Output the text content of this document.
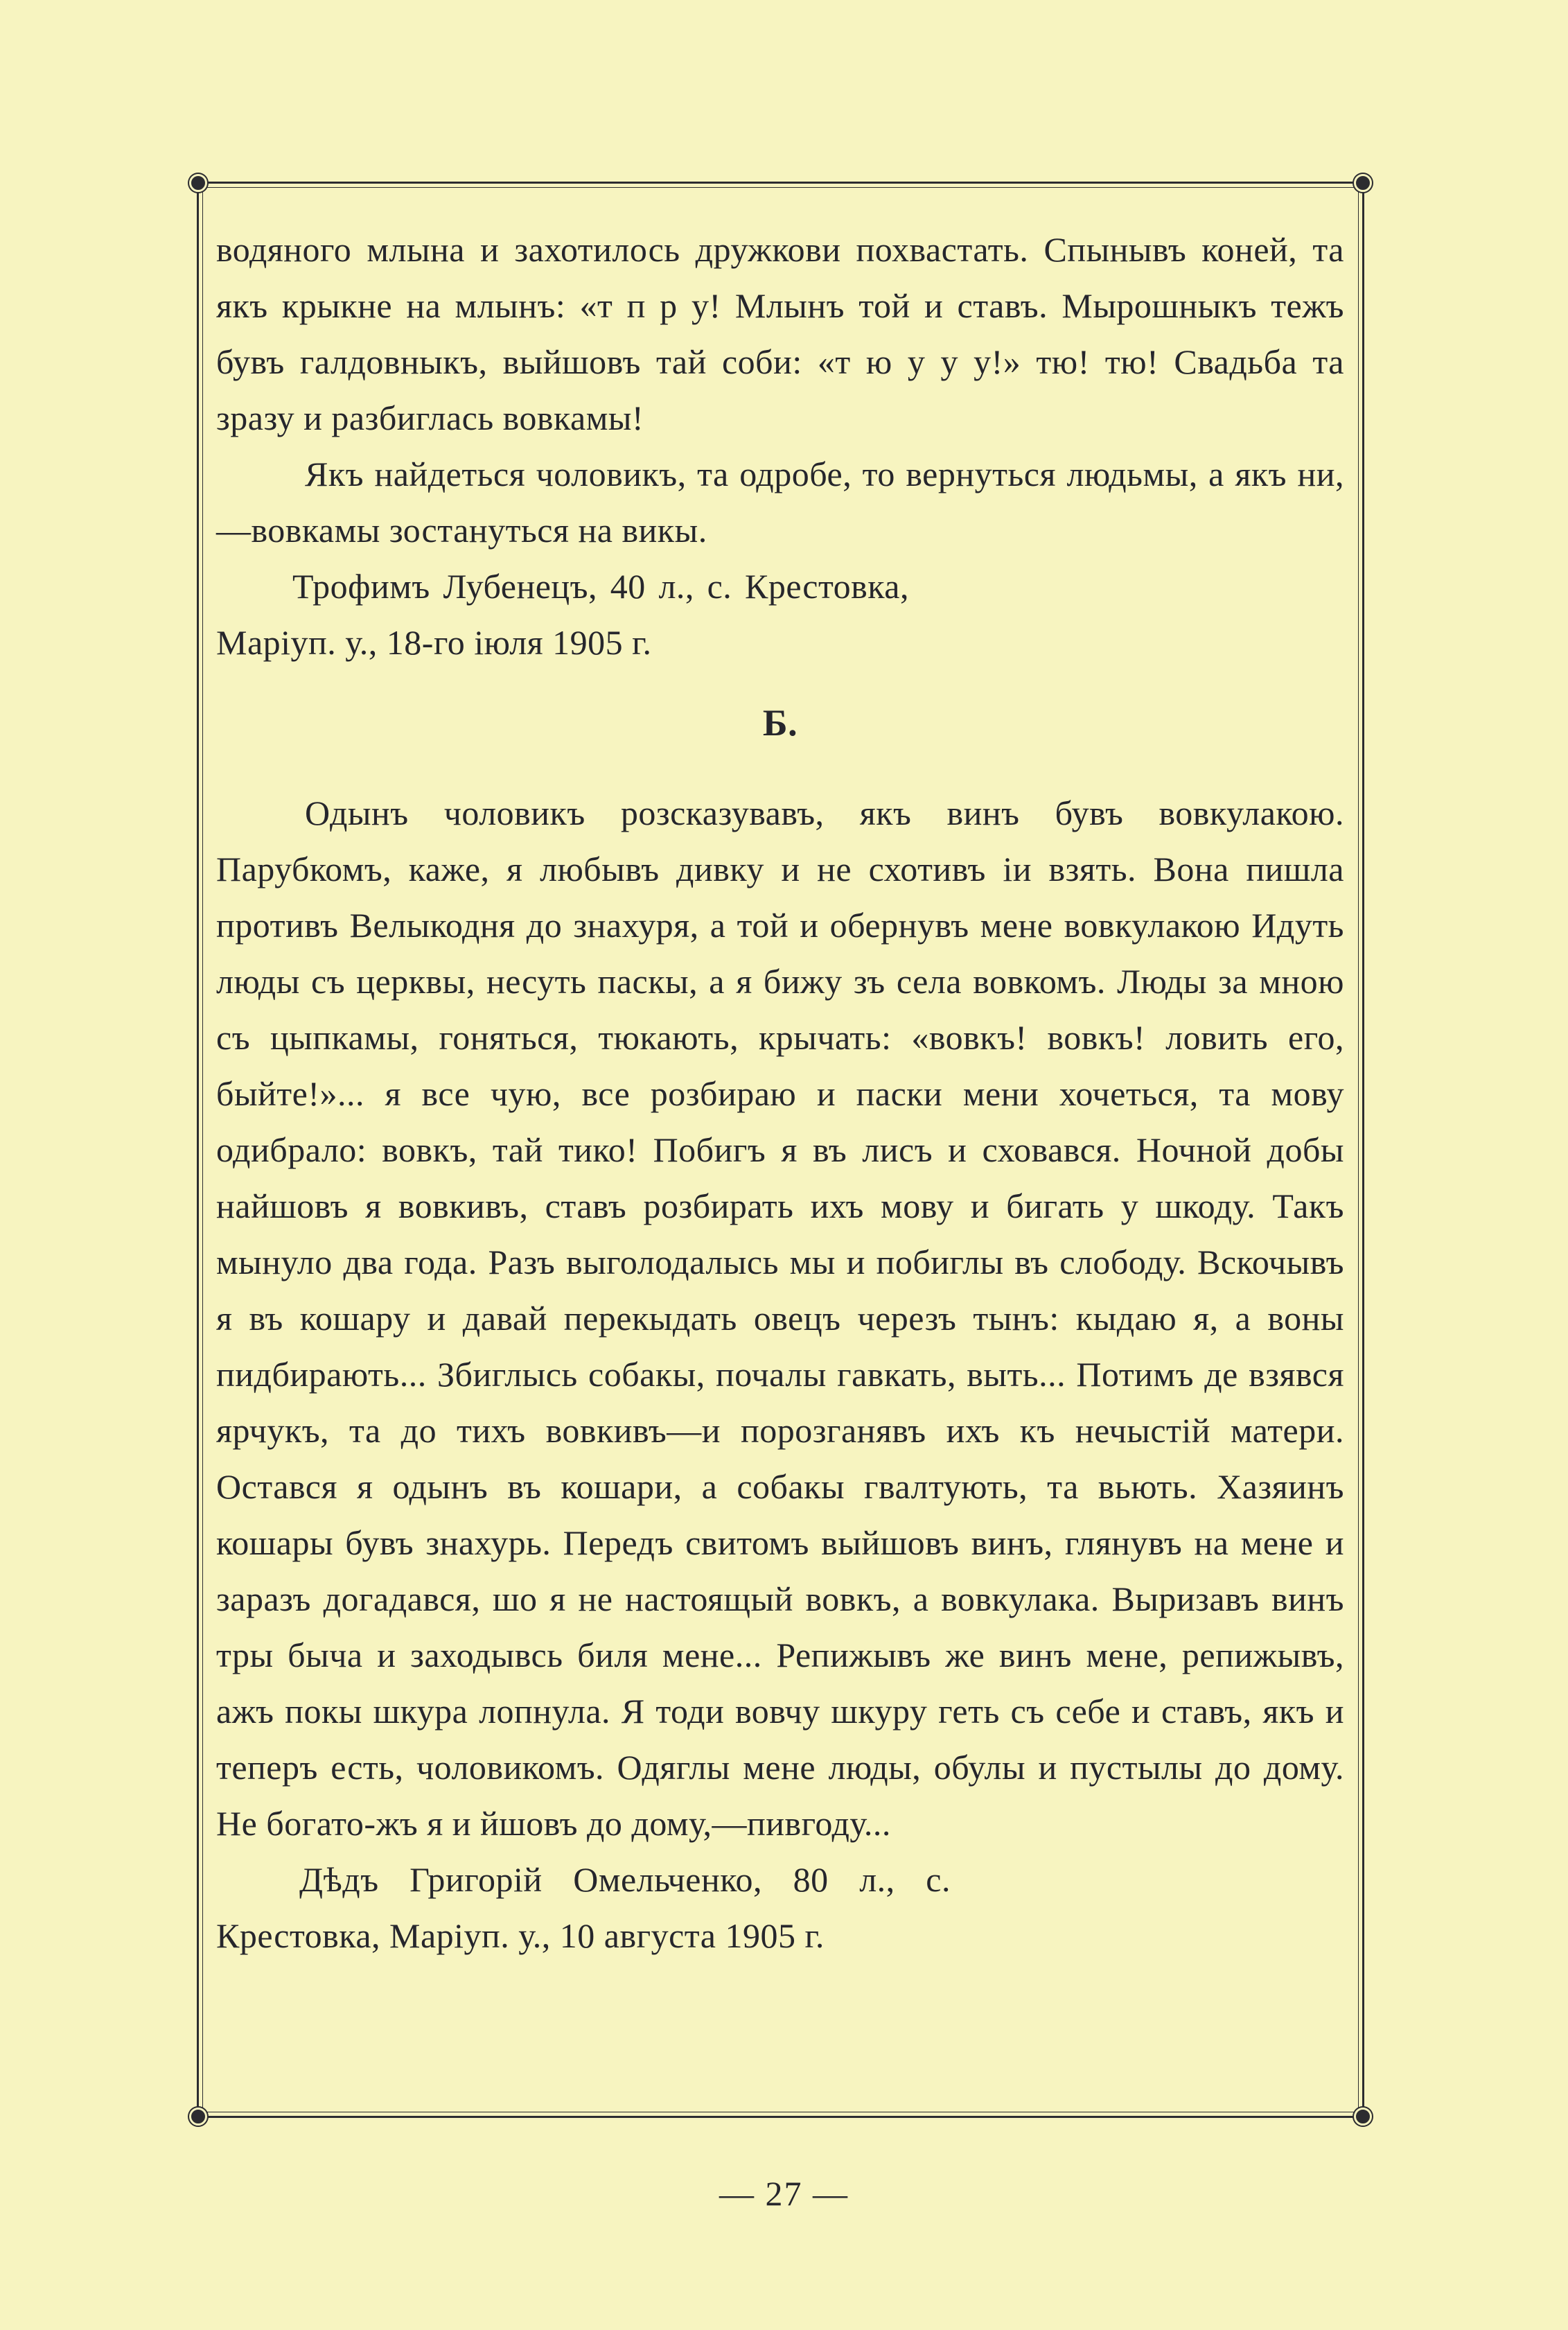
водяного млына и захотилось дружкови похвастать. Спынывъ коней, та якъ крыкне на млынъ: «т п р у! Млынъ той и ставъ. Мырошныкъ тежъ бувъ галдовныкъ, выйшовъ тай соби: «т ю у у у!» тю! тю! Свадьба та зразу и разбиглась вовкамы!

Якъ найдеться чоловикъ, та одробе, то вернуться людьмы, а якъ ни,—вовкамы зостануться на викы.

Трофимъ Лубенецъ, 40 л., с. Крестовка, Маріуп. у., 18-го іюля 1905 г.

Б.

Одынъ чоловикъ розсказувавъ, якъ винъ бувъ вовкулакою. Парубкомъ, каже, я любывъ дивку и не схотивъ іи взять. Вона пишла противъ Велыкодня до знахуря, а той и обернувъ мене вовкулакою Идуть люды съ церквы, несуть паскы, а я бижу зъ села вовкомъ. Люды за мною съ цыпкамы, гоняться, тюкають, крычать: «вовкъ! вовкъ! ловить его, быйте!»... я все чую, все розбираю и паски мени хочеться, та мову одибрало: вовкъ, тай тико! Побигъ я въ лисъ и сховався. Ночной добы найшовъ я вовкивъ, ставъ розбирать ихъ мову и бигать у шкоду. Такъ мынуло два года. Разъ выголодалысь мы и побиглы въ слободу. Вскочывъ я въ кошару и давай перекыдать овецъ черезъ тынъ: кыдаю я, а воны пидбирають... Збиглысь собакы, почалы гавкать, выть... Потимъ де взявся ярчукъ, та до тихъ вовкивъ—и порозганявъ ихъ къ нечыстій матери. Остався я одынъ въ кошари, а собакы гвалтують, та вьють. Хазяинъ кошары бувъ знахурь. Передъ свитомъ выйшовъ винъ, глянувъ на мене и заразъ догадався, шо я не настоящый вовкъ, а вовкулака. Выризавъ винъ тры быча и заходывсь биля мене... Репижывъ же винъ мене, репижывъ, ажъ покы шкура лопнула. Я тоди вовчу шкуру геть съ себе и ставъ, якъ и теперъ есть, чоловикомъ. Одяглы мене люды, обулы и пустылы до дому. Не богато-жъ я и йшовъ до дому,—пивгоду...

Дѣдъ Григорій Омельченко, 80 л., с. Крестовка, Маріуп. у., 10 августа 1905 г.

— 27 —
